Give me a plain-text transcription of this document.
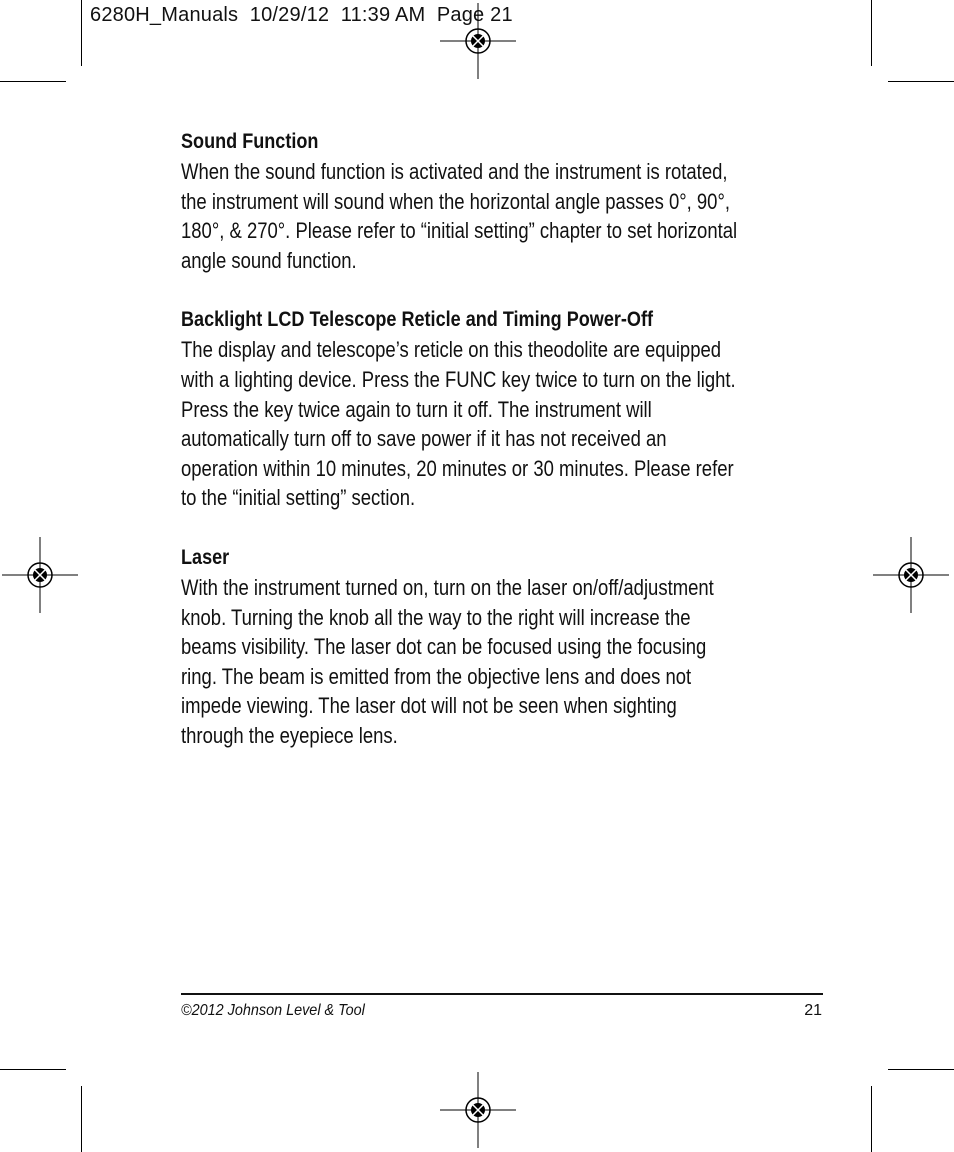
6280H_Manuals  10/29/12  11:39 AM  Page 21
Sound Function
When the sound function is activated and the instrument is rotated,
the instrument will sound when the horizontal angle passes 0°, 90°,
180°, & 270°. Please refer to “initial setting” chapter to set horizontal
angle sound function.
Backlight LCD Telescope Reticle and Timing Power-Off
The display and telescope’s reticle on this theodolite are equipped
with a lighting device. Press the FUNC key twice to turn on the light.
Press the key twice again to turn it off. The instrument will
automatically turn off to save power if it has not received an
operation within 10 minutes, 20 minutes or 30 minutes. Please refer
to the “initial setting” section.
Laser
With the instrument turned on, turn on the laser on/off/adjustment
knob. Turning the knob all the way to the right will increase the
beams visibility. The laser dot can be focused using the focusing
ring. The beam is emitted from the objective lens and does not
impede viewing. The laser dot will not be seen when sighting
through the eyepiece lens.
©2012 Johnson Level & Tool	21
